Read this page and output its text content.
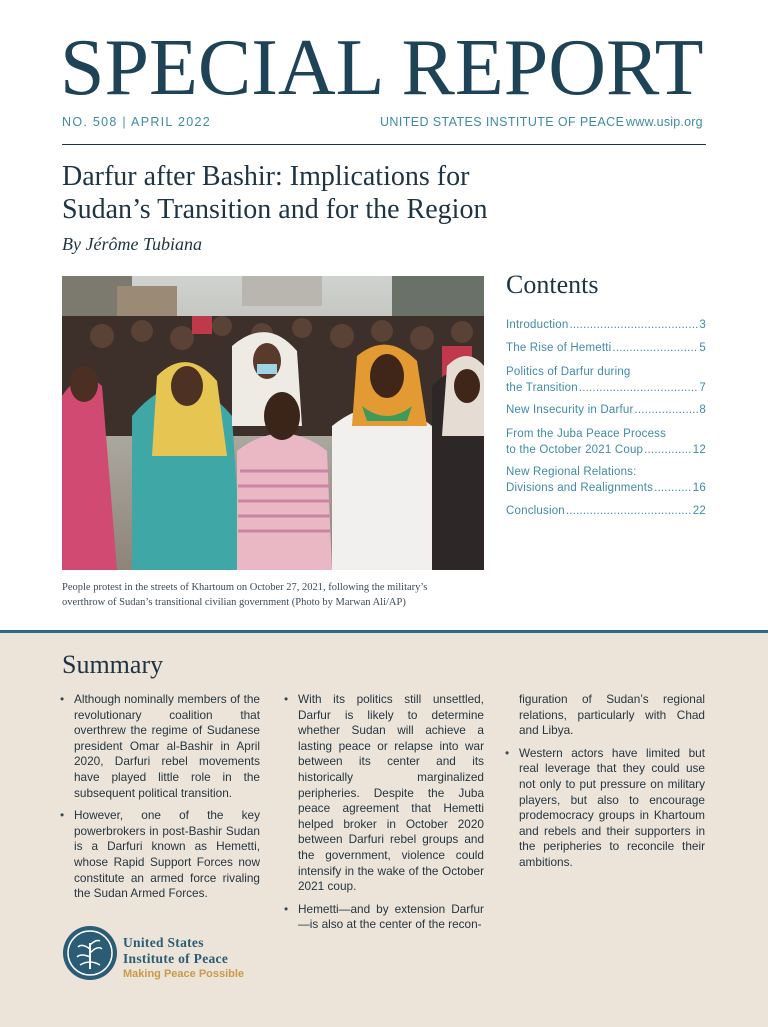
SPECIAL REPORT
NO. 508 | APRIL 2022	UNITED STATES INSTITUTE OF PEACE www.usip.org
Darfur after Bashir: Implications for
Sudan’s Transition and for the Region
By Jérôme Tubiana
People protest in the streets of Khartoum on October 27, 2021, following the military’s
overthrow of Sudan’s transitional civilian government (Photo by Marwan Ali/AP)
Contents
Introduction .....	3
The Rise of Hemetti .....	5
Politics of Darfur during
the Transition .....	7
New Insecurity in Darfur .....	8
From the Juba Peace Process
to the October 2021 Coup .....	12
New Regional Relations:
Divisions and Realignments .....	16
Conclusion .....	22
Summary
• Although nominally members of the revolutionary coalition that overthrew the regime of Sudanese president Omar al-Bashir in April 2020, Darfuri rebel movements have played little role in the subsequent political transition.
• However, one of the key powerbrokers in post-Bashir Sudan is a Darfuri known as Hemetti, whose Rapid Support Forces now constitute an armed force rivaling the Sudan Armed Forces.
• With its politics still unsettled, Darfur is likely to determine whether Sudan will achieve a lasting peace or relapse into war between its center and its historically marginalized peripheries. Despite the Juba peace agreement that Hemetti helped broker in October 2020 between Darfuri rebel groups and the government, violence could intensify in the wake of the October 2021 coup.
• Hemetti—and by extension Darfur—is also at the center of the recon-

figuration of Sudan’s regional relations, particularly with Chad and Libya.

• Western actors have limited but real leverage that they could use not only to put pressure on military players, but also to encourage prodemocracy groups in Khartoum and rebels and their supporters in the peripheries to reconcile their ambitions.
United States
Institute of Peace
Making Peace Possible
